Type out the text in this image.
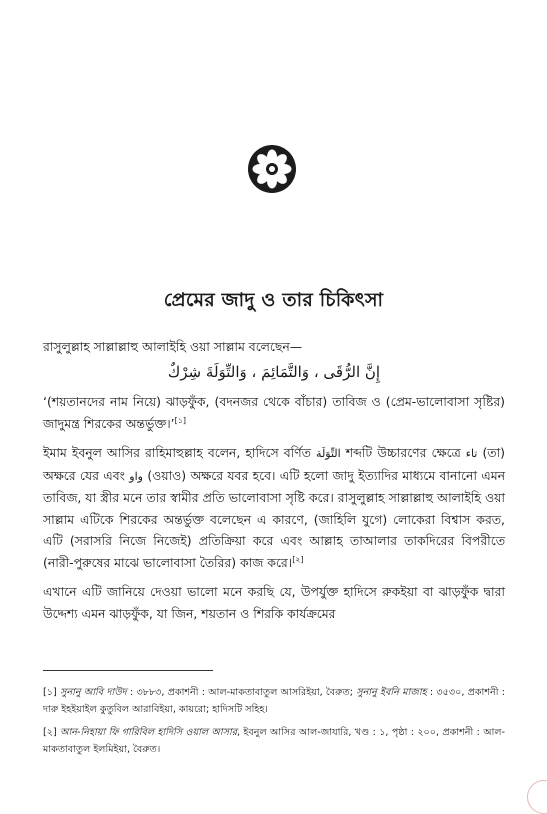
প্রেমের জাদু ও তার চিকিৎসা

রাসুলুল্লাহ সাল্লাল্লাহু আলাইহি ওয়া সাল্লাম বলেছেন—

إِنَّ الرُّقَى ، وَالتَّمَائِمَ ، وَالتِّوَلَةَ شِرْكٌ

‘(শয়তানদের নাম নিয়ে) ঝাড়ফুঁক, (বদনজর থেকে বাঁচার) তাবিজ ও (প্রেম-ভালোবাসা সৃষ্টির) জাদুমন্ত্র শিরকের অন্তর্ভুক্ত।’[১]

ইমাম ইবনুল আসির রাহিমাহুল্লাহ বলেন, হাদিসে বর্ণিত التِّوَلَة শব্দটি উচ্চারণের ক্ষেত্রে تاء (তা) অক্ষরে যের এবং واو (ওয়াও) অক্ষরে যবর হবে। এটি হলো জাদু ইত্যাদির মাধ্যমে বানানো এমন তাবিজ, যা স্ত্রীর মনে তার স্বামীর প্রতি ভালোবাসা সৃষ্টি করে। রাসুলুল্লাহ সাল্লাল্লাহু আলাইহি ওয়া সাল্লাম এটিকে শিরকের অন্তর্ভুক্ত বলেছেন এ কারণে, (জাহিলি যুগে) লোকেরা বিশ্বাস করত, এটি (সরাসরি নিজে নিজেই) প্রতিক্রিয়া করে এবং আল্লাহ তাআলার তাকদিরের বিপরীতে (নারী-পুরুষের মাঝে ভালোবাসা তৈরির) কাজ করে।[২]

এখানে এটি জানিয়ে দেওয়া ভালো মনে করছি যে, উপর্যুক্ত হাদিসে রুকইয়া বা ঝাড়ফুঁক দ্বারা উদ্দেশ্য এমন ঝাড়ফুঁক, যা জিন, শয়তান ও শিরকি কার্যক্রমের

[১] সুনানু আবি দাউদ : ৩৮৮৩, প্রকাশনী : আল-মাকতাবাতুল আসরিইয়া, বৈরুত; সুনানু ইবনি মাজাহ : ৩৫৩০, প্রকাশনী : দারু ইহইয়াইল কুতুবিল আরাবিইয়া, কায়রো; হাদিসটি সহিহ।

[২] আন-নিহায়া ফি গারিবিল হাদিসি ওয়াল আসার, ইবনুল আসির আল-জাযারি, খণ্ড : ১, পৃষ্ঠা : ২০০, প্রকাশনী : আল-মাকতাবাতুল ইলমিইয়া, বৈরুত।
